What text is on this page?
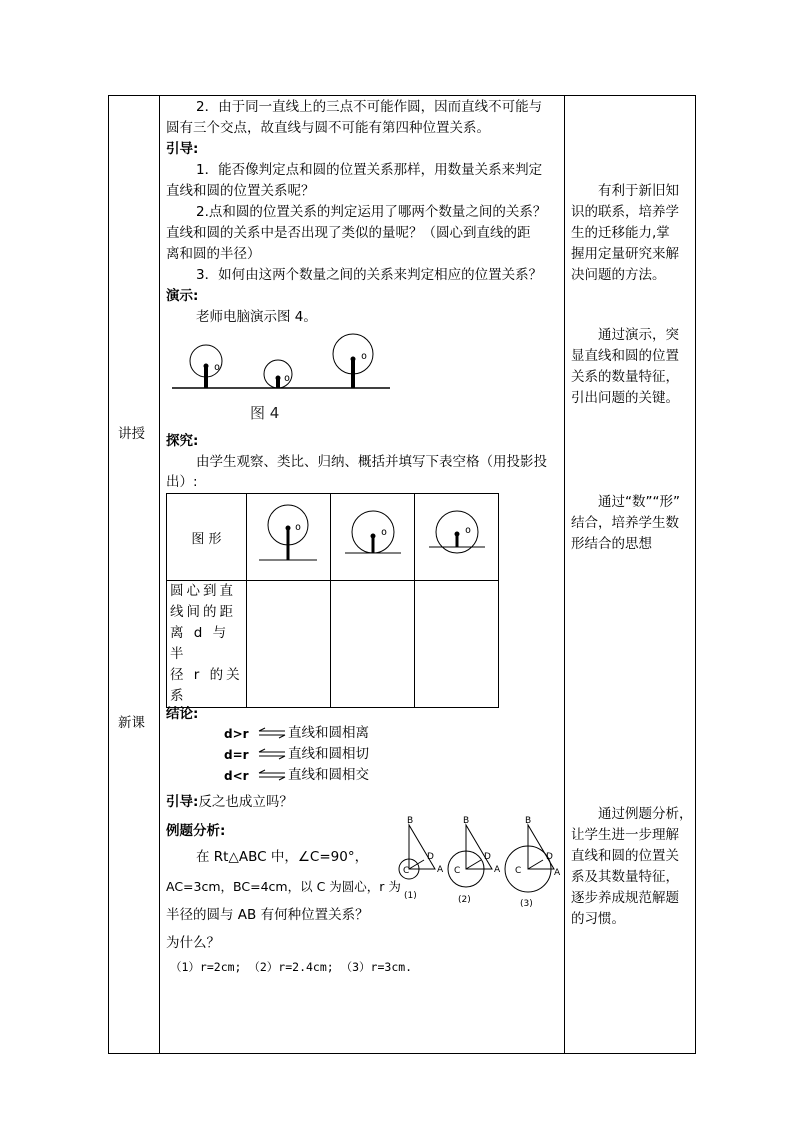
讲授
新课
2．由于同一直线上的三点不可能作圆，因而直线不可能与
圆有三个交点，故直线与圆不可能有第四种位置关系。
引导:
1．能否像判定点和圆的位置关系那样，用数量关系来判定
直线和圆的位置关系呢？
2.点和圆的位置关系的判定运用了哪两个数量之间的关系？
直线和圆的关系中是否出现了类似的量呢？（圆心到直线的距
离和圆的半径）
3．如何由这两个数量之间的关系来判定相应的位置关系？
演示:
老师电脑演示图 4。
o
o
o
图 4
探究:
由学生观察、类比、归纳、概括并填写下表空格（用投影投
出）:
图 形	o	o	o

圆心到直
线间的距
离 d 与半
径 r 的关
系			

结论:
d>r	直线和圆相离
d=r	直线和圆相切
d<r	直线和圆相交
引导:反之也成立吗？
例题分析:
在 Rt△ABC 中，∠C=90°，
AC=3cm，BC=4cm，以 C 为圆心，r 为
半径的圆与 AB 有何种位置关系？
为什么？
（1）r=2cm; （2）r=2.4cm; （3）r=3cm.
B
C	A
D
(1)
B
C	A
D
(2)
B
C	A
D
(3)
有利于新旧知
识的联系，培养学
生的迁移能力,掌
握用定量研究来解
决问题的方法。
通过演示，突
显直线和圆的位置
关系的数量特征，
引出问题的关键。
通过“数”“形”
结合，培养学生数
形结合的思想
通过例题分析，
让学生进一步理解
直线和圆的位置关
系及其数量特征，
逐步养成规范解题
的习惯。
